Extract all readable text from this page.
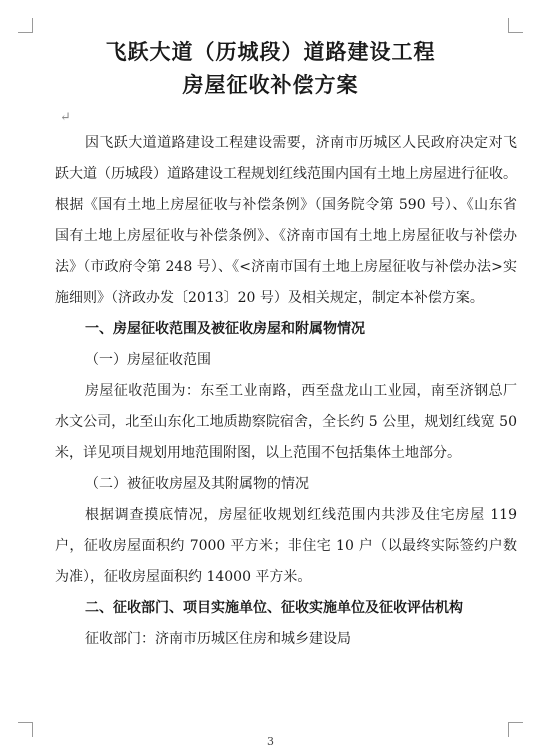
飞跃大道（历城段）道路建设工程
房屋征收补偿方案
↵

因飞跃大道道路建设工程建设需要，济南市历城区人民政府决定对飞跃大道（历城段）道路建设工程规划红线范围内国有土地上房屋进行征收。根据《国有土地上房屋征收与补偿条例》（国务院令第 590 号）、《山东省国有土地上房屋征收与补偿条例》、《济南市国有土地上房屋征收与补偿办法》（市政府令第 248 号）、《<济南市国有土地上房屋征收与补偿办法>实施细则》（济政办发〔2013〕20 号）及相关规定，制定本补偿方案。

一、房屋征收范围及被征收房屋和附属物情况

（一）房屋征收范围

房屋征收范围为：东至工业南路，西至盘龙山工业园，南至济钢总厂水文公司，北至山东化工地质勘察院宿舍，全长约 5 公里，规划红线宽 50 米，详见项目规划用地范围附图，以上范围不包括集体土地部分。

（二）被征收房屋及其附属物的情况

根据调查摸底情况，房屋征收规划红线范围内共涉及住宅房屋 119 户，征收房屋面积约 7000 平方米；非住宅 10 户（以最终实际签约户数为准），征收房屋面积约 14000 平方米。

二、征收部门、项目实施单位、征收实施单位及征收评估机构

征收部门：济南市历城区住房和城乡建设局

3
